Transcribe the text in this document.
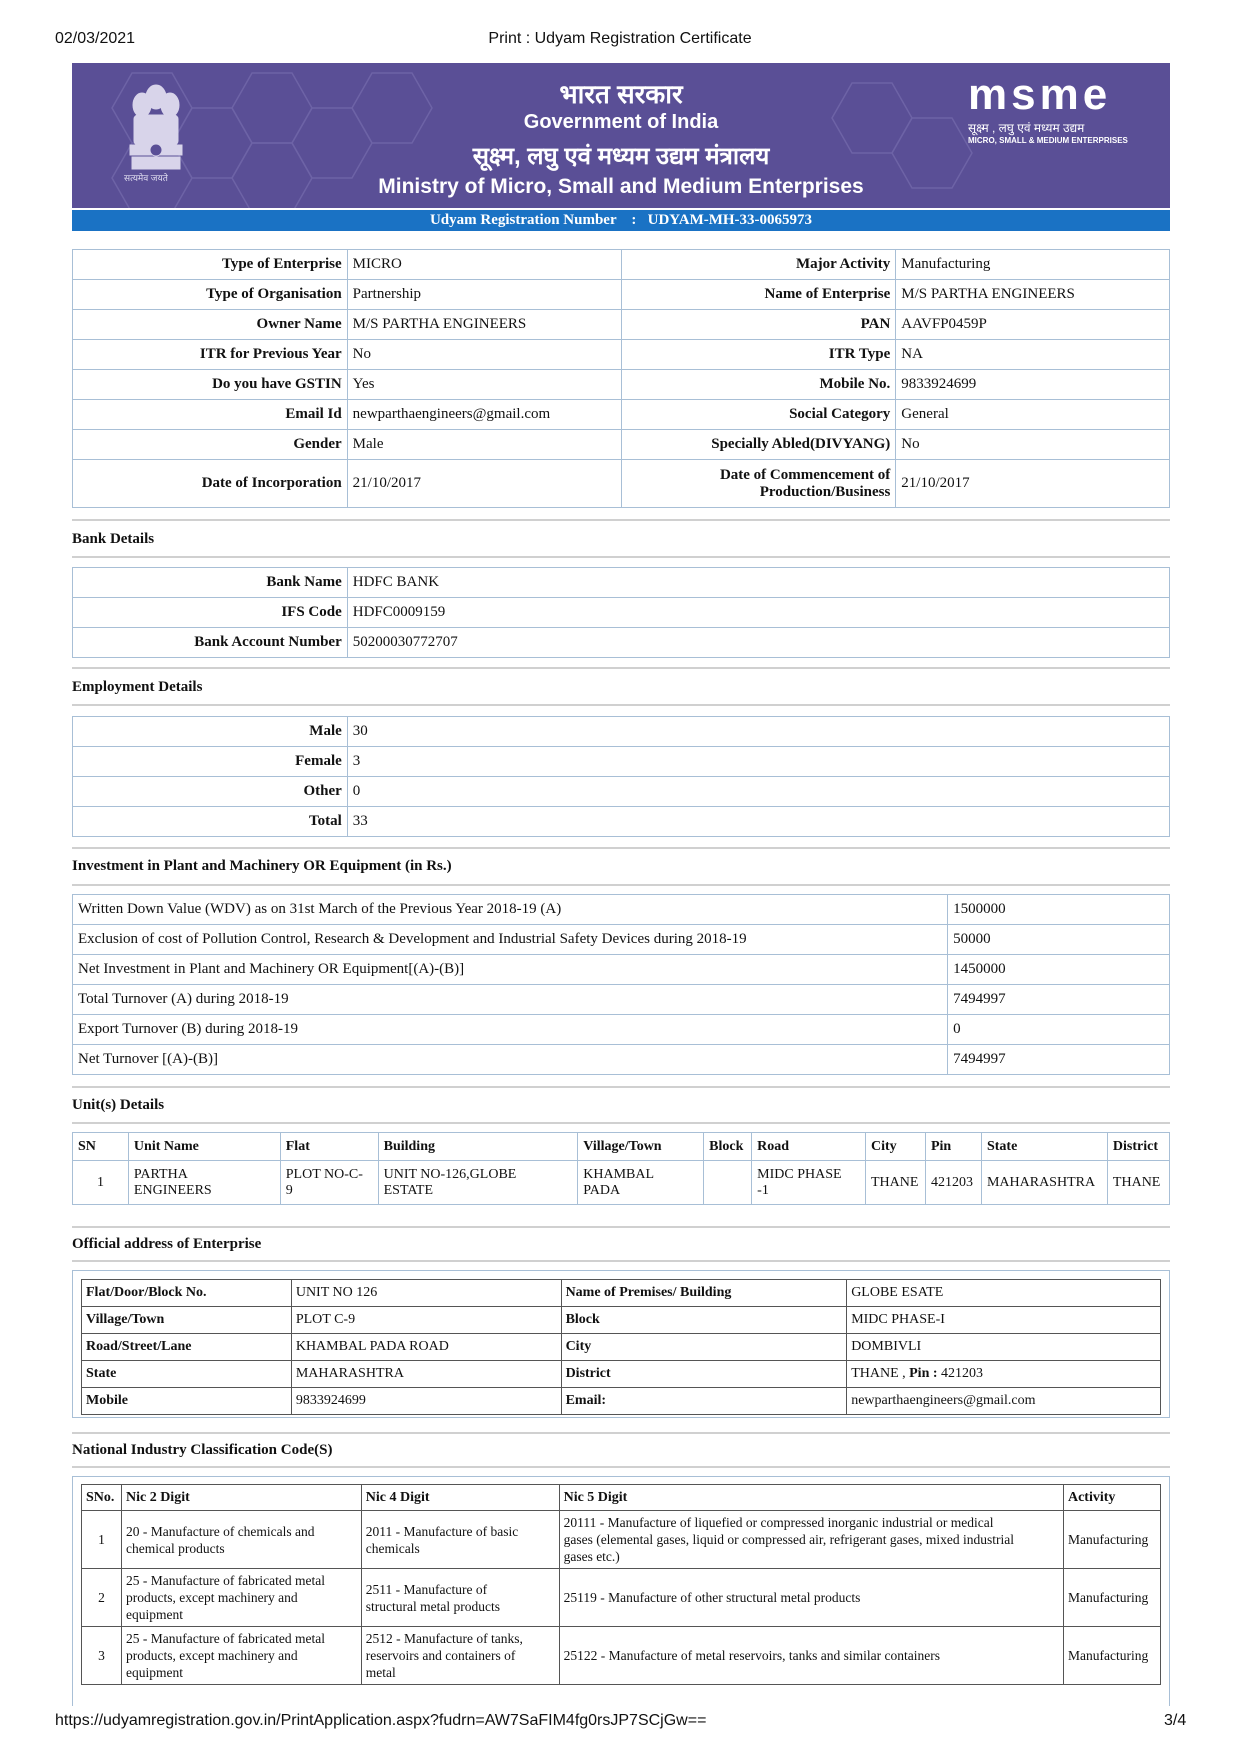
02/03/2021	Print : Udyam Registration Certificate
https://udyamregistration.gov.in/PrintApplication.aspx?fudrn=AW7SaFIM4fg0rsJP7SCjGw==	3/4
सत्यमेव जयते
भारत सरकार
Government of India
सूक्ष्म, लघु एवं मध्यम उद्यम मंत्रालय
Ministry of Micro, Small and Medium Enterprises
msme
सूक्ष्म , लघु एवं मध्यम उद्यम
MICRO, SMALL & MEDIUM ENTERPRISES
Udyam Registration Number : UDYAM-MH-33-0065973
Type of Enterprise	MICRO	Major Activity	Manufacturing
Type of Organisation	Partnership	Name of Enterprise	M/S PARTHA ENGINEERS
Owner Name	M/S PARTHA ENGINEERS	PAN	AAVFP0459P
ITR for Previous Year	No	ITR Type	NA
Do you have GSTIN	Yes	Mobile No.	9833924699
Email Id	newparthaengineers@gmail.com	Social Category	General
Gender	Male	Specially Abled(DIVYANG)	No
Date of Incorporation	21/10/2017	Date of Commencement of
Production/Business	21/10/2017
Bank Details
Bank Name	HDFC BANK
IFS Code	HDFC0009159
Bank Account Number	50200030772707
Employment Details
Male	30
Female	3
Other	0
Total	33
Investment in Plant and Machinery OR Equipment (in Rs.)
Written Down Value (WDV) as on 31st March of the Previous Year 2018-19 (A)	1500000
Exclusion of cost of Pollution Control, Research & Development and Industrial Safety Devices during 2018-19	50000
Net Investment in Plant and Machinery OR Equipment[(A)-(B)]	1450000
Total Turnover (A) during 2018-19	7494997
Export Turnover (B) during 2018-19	0
Net Turnover [(A)-(B)]	7494997
Unit(s) Details
SN	Unit Name	Flat	Building	Village/Town	Block	Road	City	Pin	State	District
1	PARTHA
ENGINEERS	PLOT NO-C-
9	UNIT NO-126,GLOBE
ESTATE	KHAMBAL
PADA		MIDC PHASE
-1	THANE	421203	MAHARASHTRA	THANE
Official address of Enterprise
Flat/Door/Block No.	UNIT NO 126	Name of Premises/ Building	GLOBE ESATE
Village/Town	PLOT C-9	Block	MIDC PHASE-I
Road/Street/Lane	KHAMBAL PADA ROAD	City	DOMBIVLI
State	MAHARASHTRA	District	THANE , Pin : 421203
Mobile	9833924699	Email:	newparthaengineers@gmail.com
National Industry Classification Code(S)
SNo.	Nic 2 Digit	Nic 4 Digit	Nic 5 Digit	Activity
1	20 - Manufacture of chemicals and
chemical products	2011 - Manufacture of basic
chemicals	20111 - Manufacture of liquefied or compressed inorganic industrial or medical
gases (elemental gases, liquid or compressed air, refrigerant gases, mixed industrial
gases etc.)	Manufacturing
2	25 - Manufacture of fabricated metal
products, except machinery and
equipment	2511 - Manufacture of
structural metal products	25119 - Manufacture of other structural metal products	Manufacturing
3	25 - Manufacture of fabricated metal
products, except machinery and
equipment	2512 - Manufacture of tanks,
reservoirs and containers of
metal	25122 - Manufacture of metal reservoirs, tanks and similar containers	Manufacturing
